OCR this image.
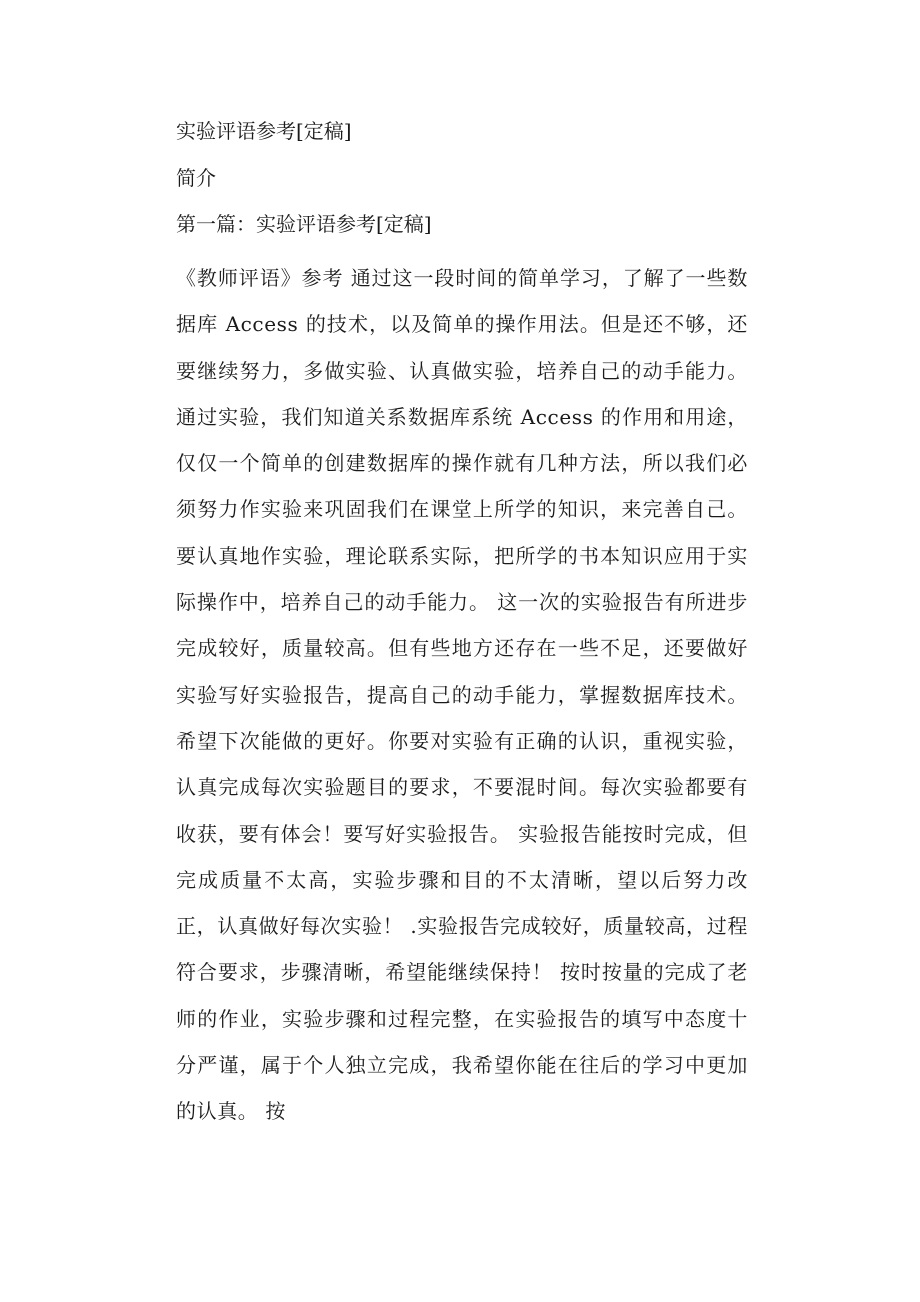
实验评语参考[定稿]
简介
第一篇：实验评语参考[定稿]

《教师评语》参考 通过这一段时间的简单学习，了解了一些数据库 Access 的技术，以及简单的操作用法。但是还不够，还要继续努力，多做实验、认真做实验，培养自己的动手能力。 通过实验，我们知道关系数据库系统 Access 的作用和用途，仅仅一个简单的创建数据库的操作就有几种方法，所以我们必须努力作实验来巩固我们在课堂上所学的知识，来完善自己。 要认真地作实验，理论联系实际，把所学的书本知识应用于实际操作中，培养自己的动手能力。 这一次的实验报告有所进步完成较好，质量较高。但有些地方还存在一些不足，还要做好实验写好实验报告，提高自己的动手能力，掌握数据库技术。希望下次能做的更好。你要对实验有正确的认识，重视实验，认真完成每次实验题目的要求，不要混时间。每次实验都要有收获，要有体会！要写好实验报告。 实验报告能按时完成，但完成质量不太高，实验步骤和目的不太清晰，望以后努力改正，认真做好每次实验！ .实验报告完成较好，质量较高，过程符合要求，步骤清晰，希望能继续保持！ 按时按量的完成了老师的作业，实验步骤和过程完整，在实验报告的填写中态度十分严谨，属于个人独立完成，我希望你能在往后的学习中更加的认真。 按
